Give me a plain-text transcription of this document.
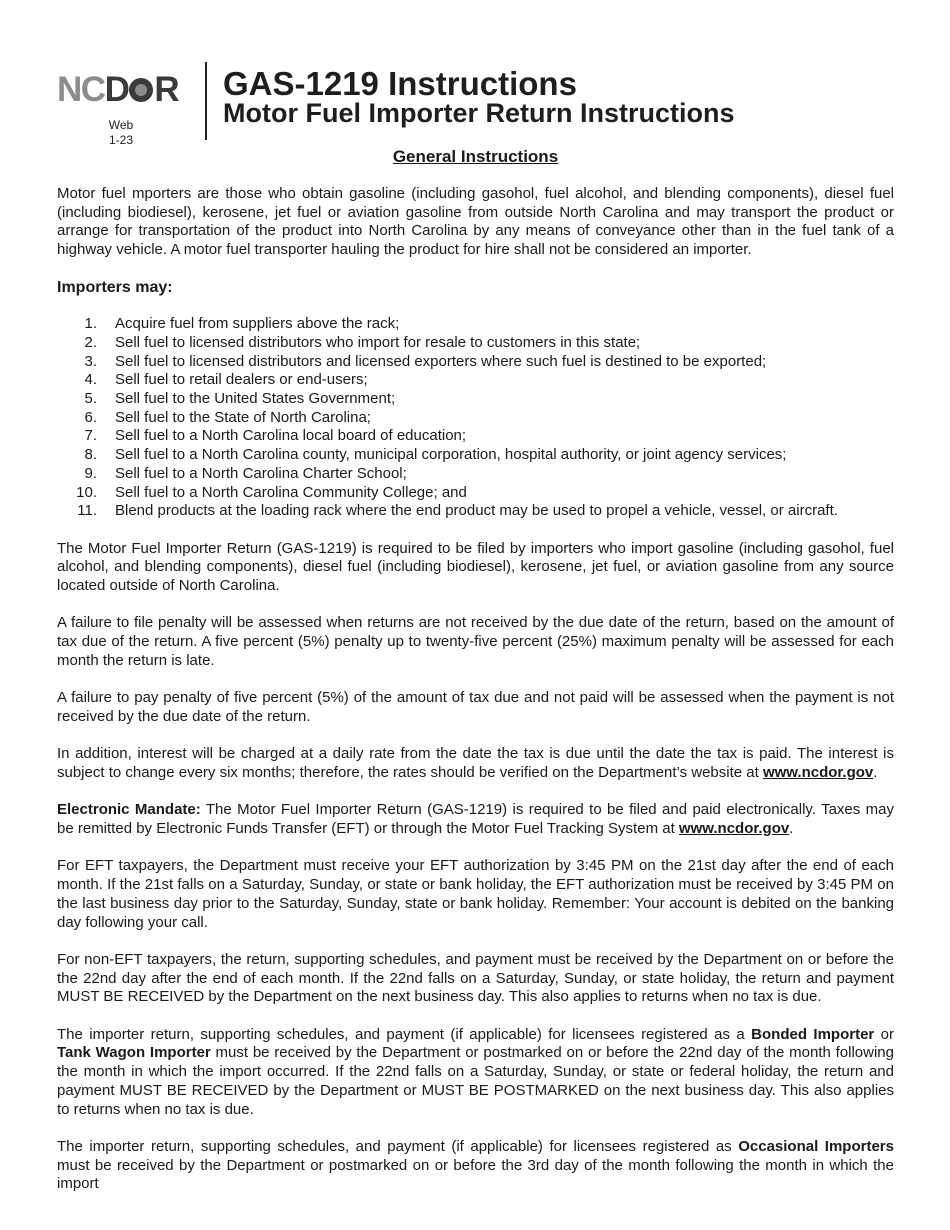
NCD R
Web
1-23
GAS-1219 Instructions
Motor Fuel Importer Return Instructions
General Instructions

Motor fuel mporters are those who obtain gasoline (including gasohol, fuel alcohol, and blending components), diesel fuel (including biodiesel), kerosene, jet fuel or aviation gasoline from outside North Carolina and may transport the product or arrange for transportation of the product into North Carolina by any means of conveyance other than in the fuel tank of a highway vehicle. A motor fuel transporter hauling the product for hire shall not be considered an importer.

Importers may:
1. Acquire fuel from suppliers above the rack;
2. Sell fuel to licensed distributors who import for resale to customers in this state;
3. Sell fuel to licensed distributors and licensed exporters where such fuel is destined to be exported;
4. Sell fuel to retail dealers or end-users;
5. Sell fuel to the United States Government;
6. Sell fuel to the State of North Carolina;
7. Sell fuel to a North Carolina local board of education;
8. Sell fuel to a North Carolina county, municipal corporation, hospital authority, or joint agency services;
9. Sell fuel to a North Carolina Charter School;
10. Sell fuel to a North Carolina Community College; and
11. Blend products at the loading rack where the end product may be used to propel a vehicle, vessel, or aircraft.

The Motor Fuel Importer Return (GAS-1219) is required to be filed by importers who import gasoline (including gasohol, fuel alcohol, and blending components), diesel fuel (including biodiesel), kerosene, jet fuel, or aviation gasoline from any source located outside of North Carolina.

A failure to file penalty will be assessed when returns are not received by the due date of the return, based on the amount of tax due of the return. A five percent (5%) penalty up to twenty-five percent (25%) maximum penalty will be assessed for each month the return is late.

A failure to pay penalty of five percent (5%) of the amount of tax due and not paid will be assessed when the payment is not received by the due date of the return.

In addition, interest will be charged at a daily rate from the date the tax is due until the date the tax is paid. The interest is subject to change every six months; therefore, the rates should be verified on the Department’s website at www.ncdor.gov.

Electronic Mandate: The Motor Fuel Importer Return (GAS-1219) is required to be filed and paid electronically. Taxes may be remitted by Electronic Funds Transfer (EFT) or through the Motor Fuel Tracking System at www.ncdor.gov.

For EFT taxpayers, the Department must receive your EFT authorization by 3:45 PM on the 21st day after the end of each month. If the 21st falls on a Saturday, Sunday, or state or bank holiday, the EFT authorization must be received by 3:45 PM on the last business day prior to the Saturday, Sunday, state or bank holiday. Remember: Your account is debited on the banking day following your call.

For non-EFT taxpayers, the return, supporting schedules, and payment must be received by the Department on or before the the 22nd day after the end of each month. If the 22nd falls on a Saturday, Sunday, or state holiday, the return and payment MUST BE RECEIVED by the Department on the next business day. This also applies to returns when no tax is due.

The importer return, supporting schedules, and payment (if applicable) for licensees registered as a Bonded Importer or Tank Wagon Importer must be received by the Department or postmarked on or before the 22nd day of the month following the month in which the import occurred. If the 22nd falls on a Saturday, Sunday, or state or federal holiday, the return and payment MUST BE RECEIVED by the Department or MUST BE POSTMARKED on the next business day. This also applies to returns when no tax is due.

The importer return, supporting schedules, and payment (if applicable) for licensees registered as Occasional Importers must be received by the Department or postmarked on or before the 3rd day of the month following the month in which the import
